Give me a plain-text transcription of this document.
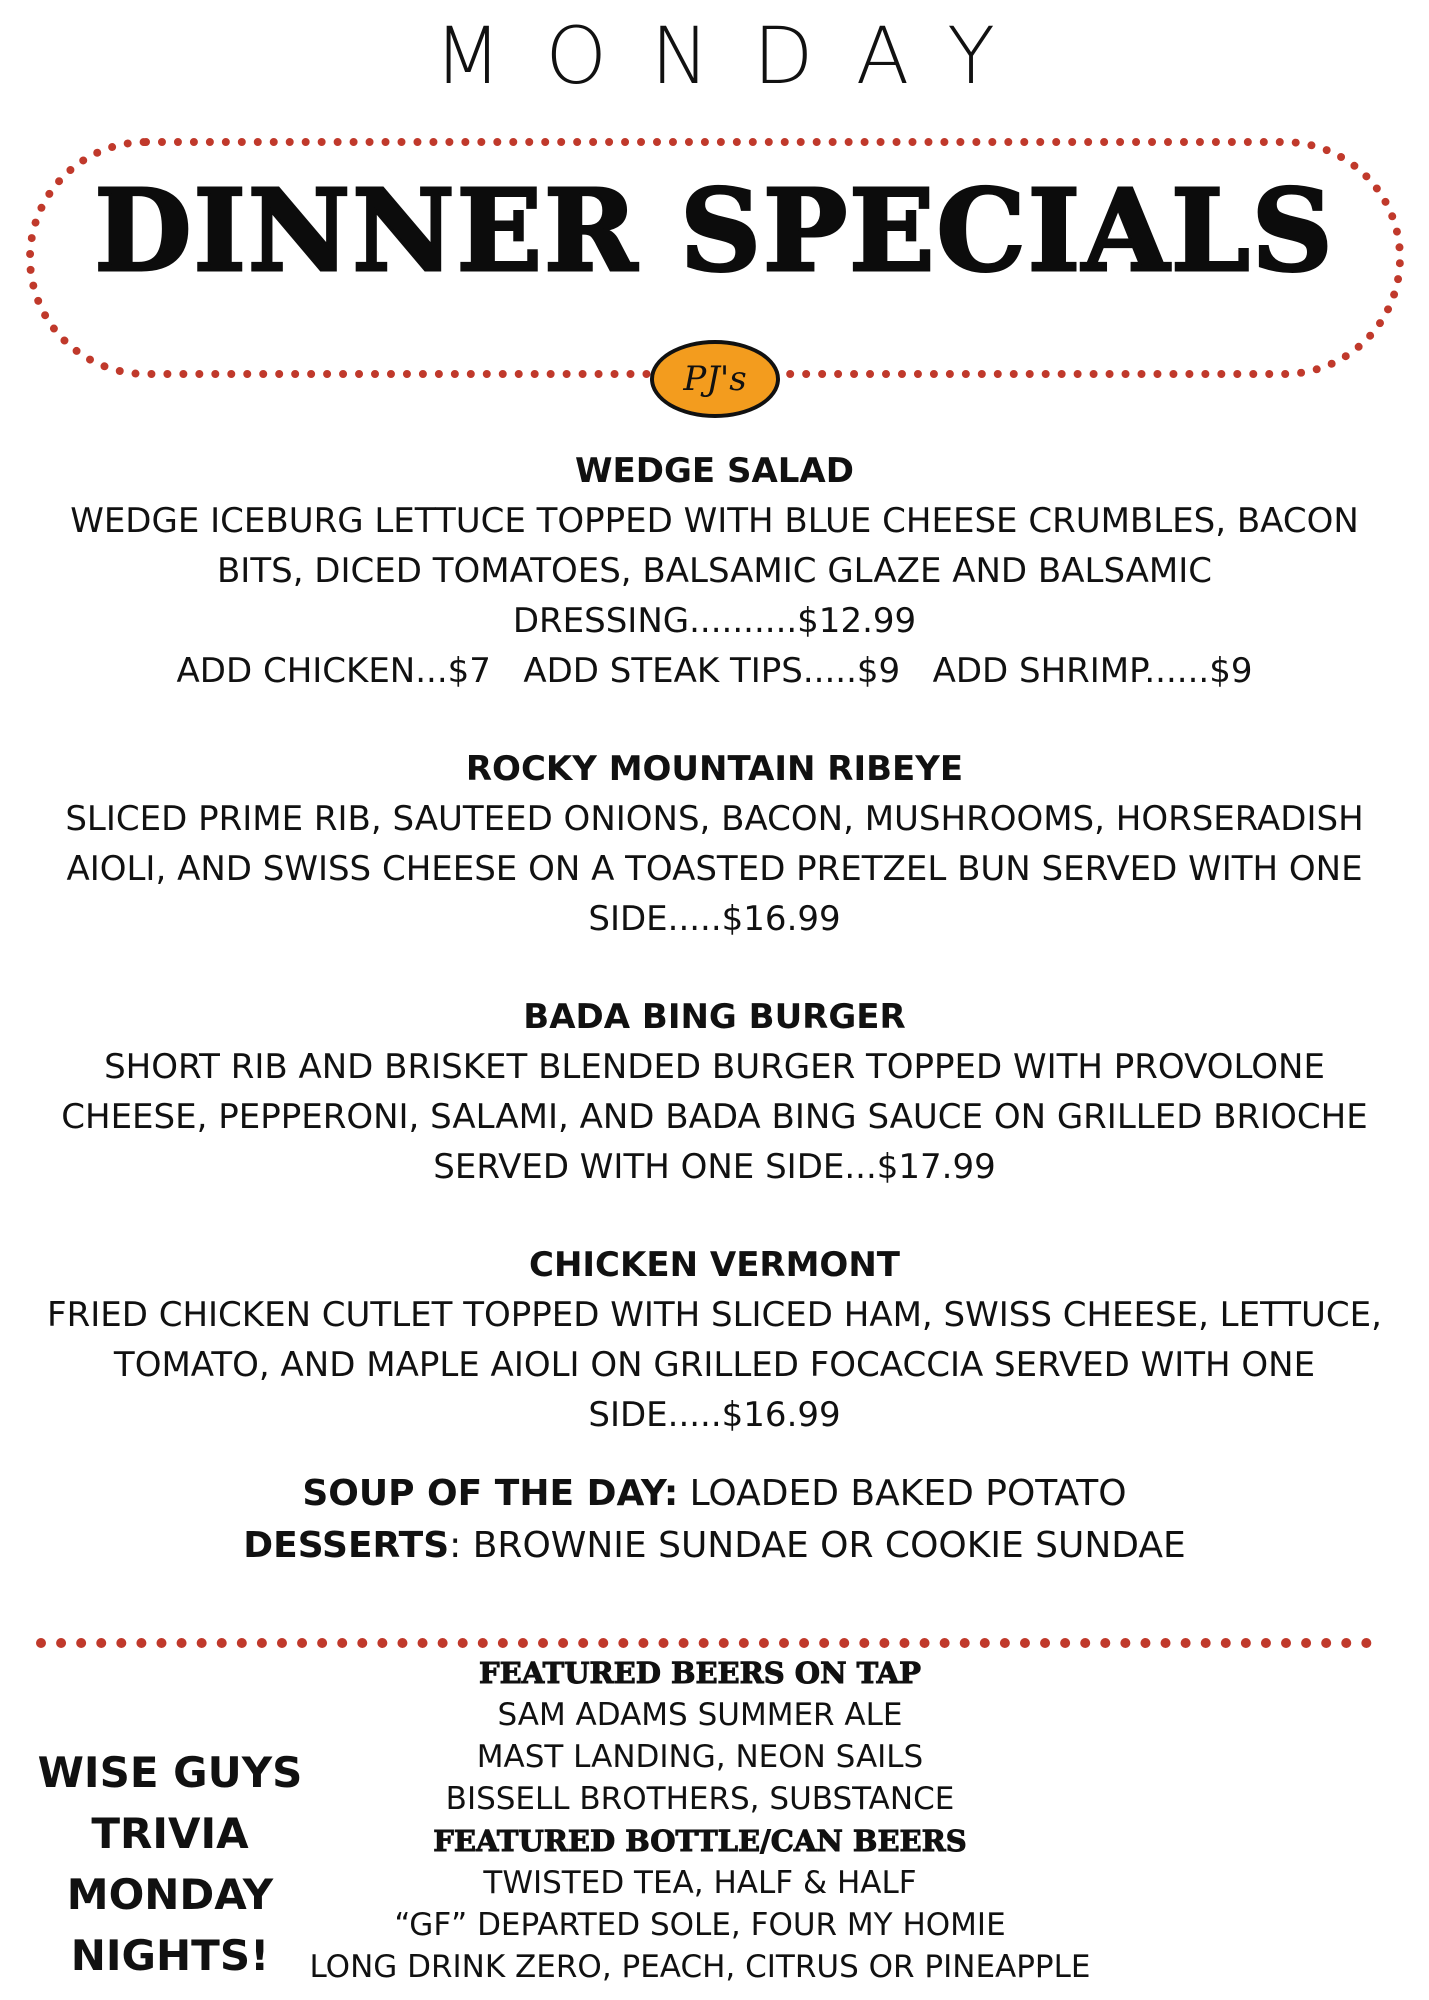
MONDAY
DINNER SPECIALS
PJ's
WEDGE SALAD
WEDGE ICEBURG LETTUCE TOPPED WITH BLUE CHEESE CRUMBLES, BACON BITS, DICED TOMATOES, BALSAMIC GLAZE AND BALSAMIC DRESSING..........$12.99
ADD CHICKEN...$7   ADD STEAK TIPS.....$9   ADD SHRIMP......$9
ROCKY MOUNTAIN RIBEYE
SLICED PRIME RIB, SAUTEED ONIONS, BACON, MUSHROOMS, HORSERADISH AIOLI, AND SWISS CHEESE ON A TOASTED PRETZEL BUN SERVED WITH ONE SIDE.....$16.99
BADA BING BURGER
SHORT RIB AND BRISKET BLENDED BURGER TOPPED WITH PROVOLONE CHEESE, PEPPERONI, SALAMI, AND BADA BING SAUCE ON GRILLED BRIOCHE SERVED WITH ONE SIDE...$17.99
CHICKEN VERMONT
FRIED CHICKEN CUTLET TOPPED WITH SLICED HAM, SWISS CHEESE, LETTUCE, TOMATO, AND MAPLE AIOLI ON GRILLED FOCACCIA SERVED WITH ONE SIDE.....$16.99
SOUP OF THE DAY: LOADED BAKED POTATO
DESSERTS: BROWNIE SUNDAE OR COOKIE SUNDAE
WISE GUYS
TRIVIA
MONDAY
NIGHTS!
FEATURED BEERS ON TAP
SAM ADAMS SUMMER ALE
MAST LANDING, NEON SAILS
BISSELL BROTHERS, SUBSTANCE
FEATURED BOTTLE/CAN BEERS
TWISTED TEA, HALF & HALF
“GF” DEPARTED SOLE, FOUR MY HOMIE
LONG DRINK ZERO, PEACH, CITRUS OR PINEAPPLE
